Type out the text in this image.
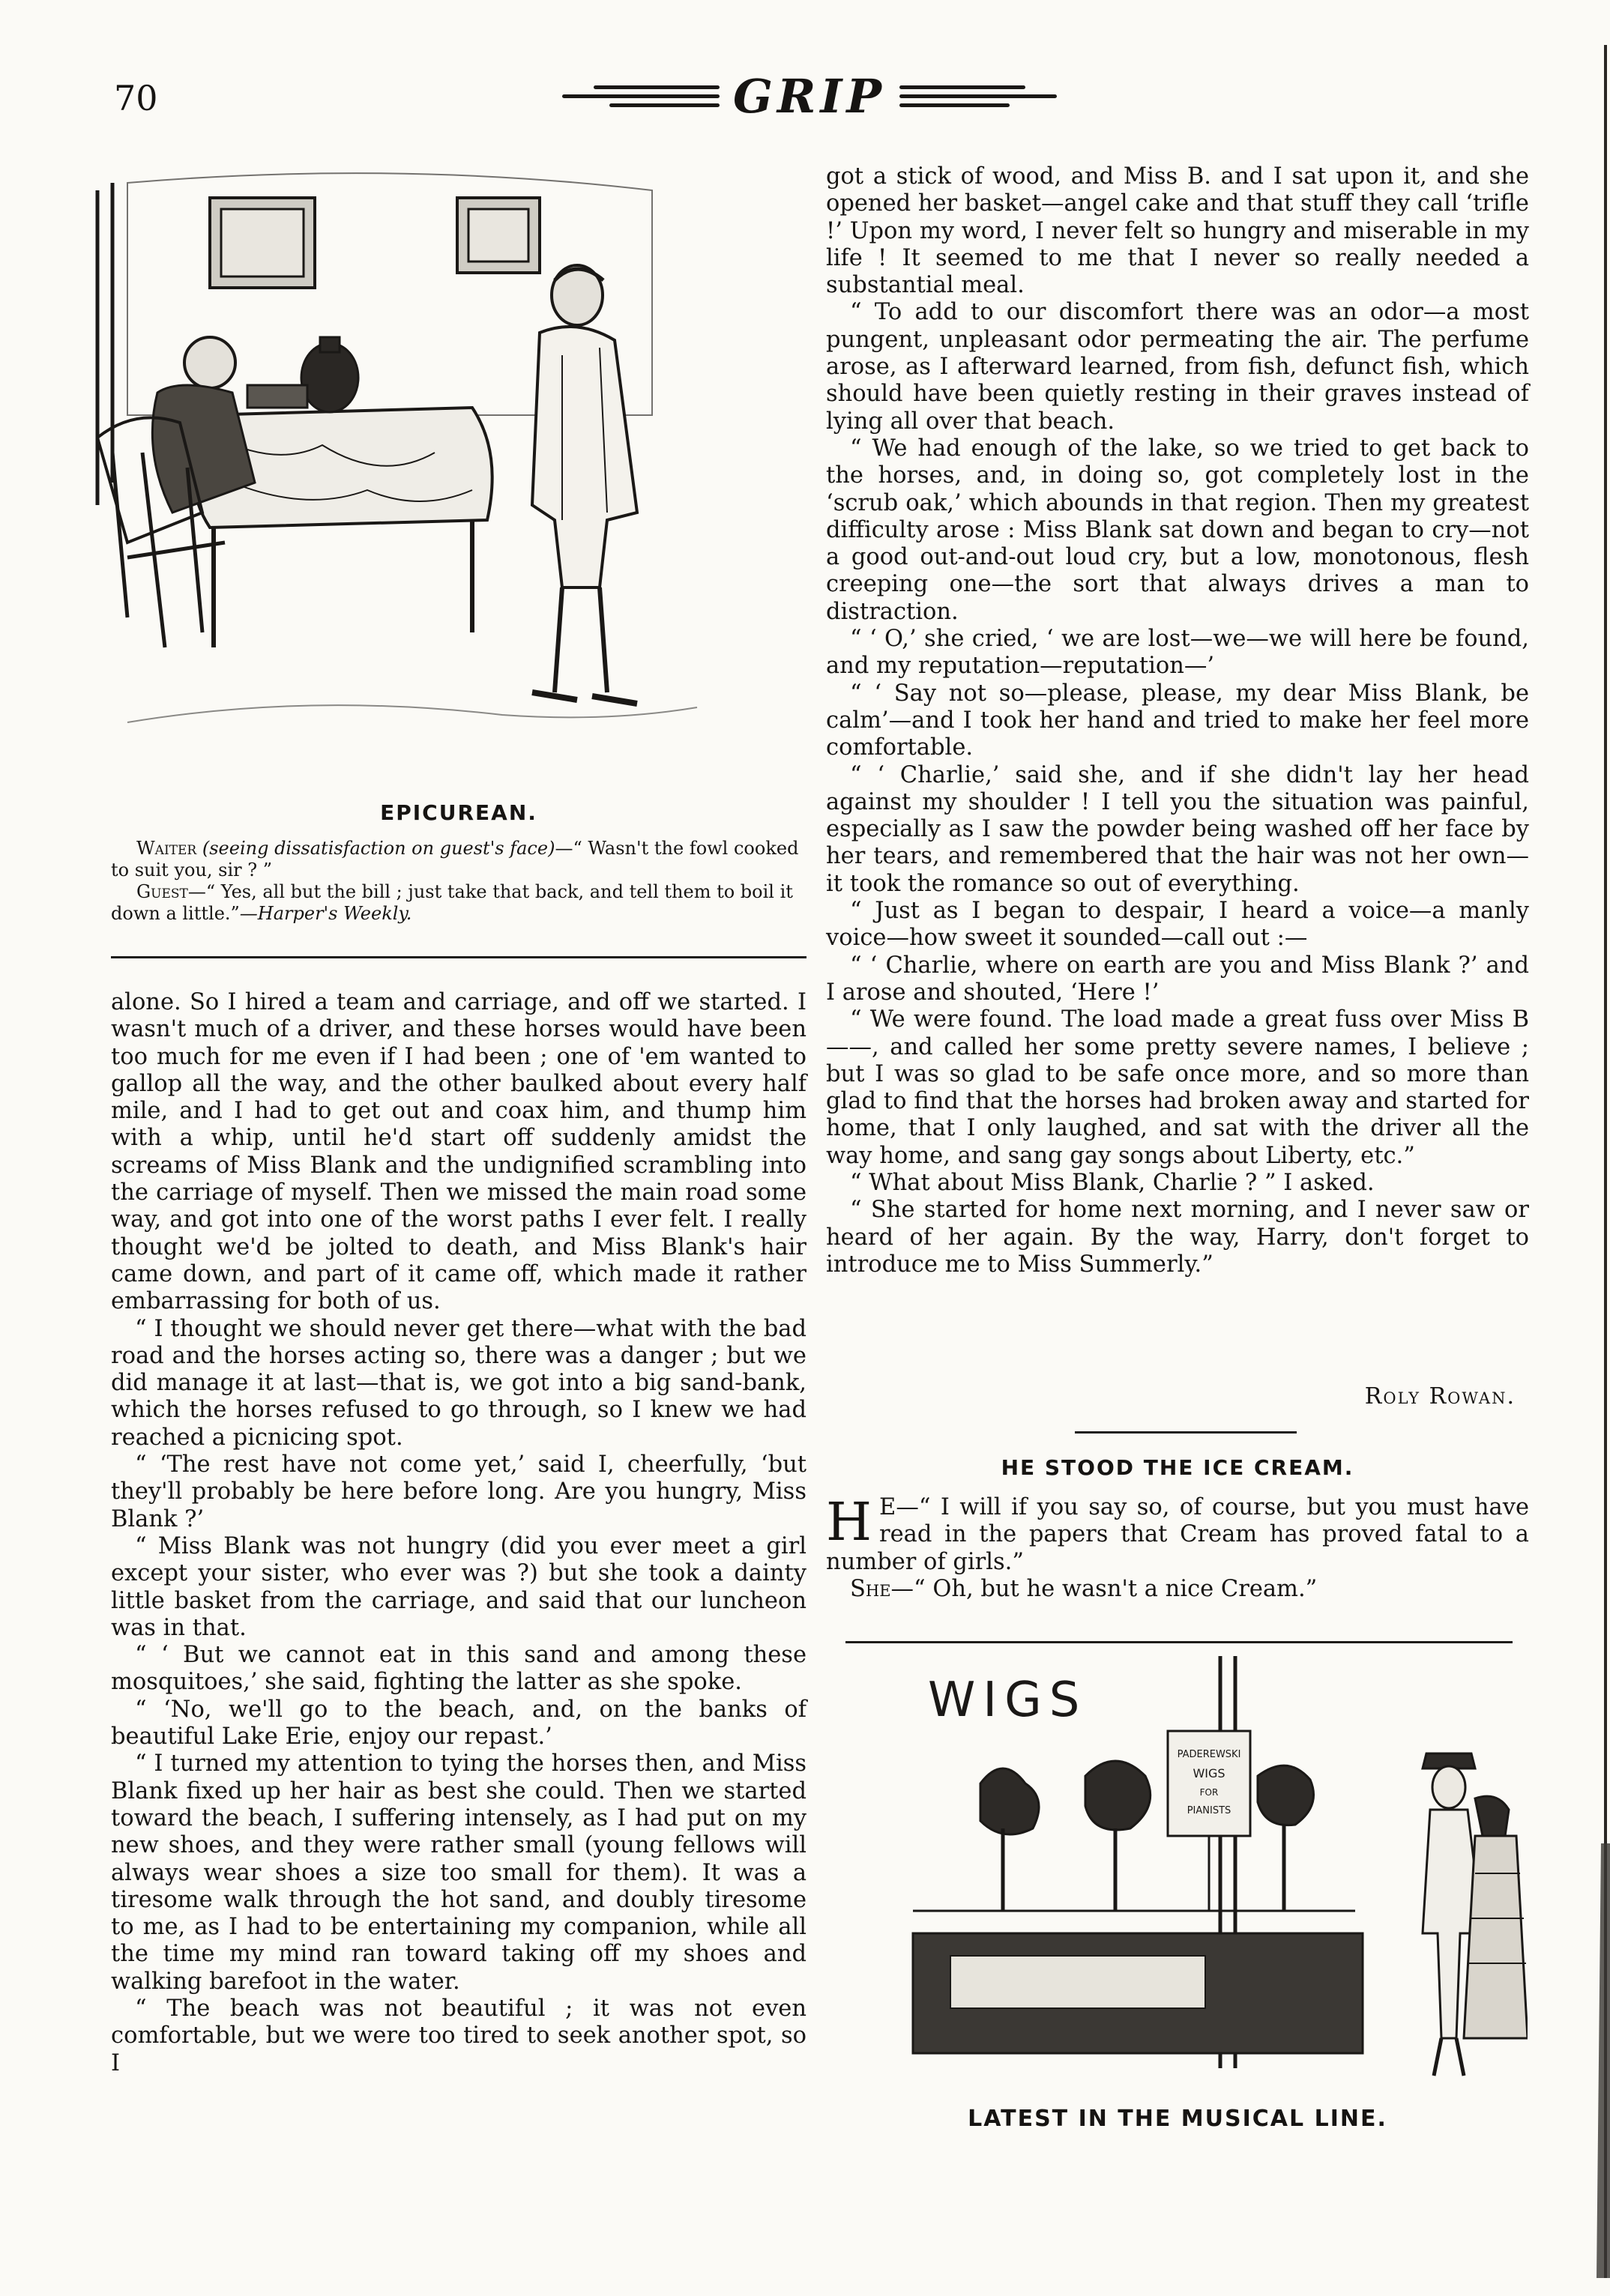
70	GRIP
EPICUREAN.

Waiter (seeing dissatisfaction on guest's face)—“ Wasn't the fowl cooked to suit you, sir ? ”

Guest—“ Yes, all but the bill ; just take that back, and tell them to boil it down a little.”—Harper's Weekly.

alone. So I hired a team and carriage, and off we started. I wasn't much of a driver, and these horses would have been too much for me even if I had been ; one of 'em wanted to gallop all the way, and the other baulked about every half mile, and I had to get out and coax him, and thump him with a whip, until he'd start off suddenly amidst the screams of Miss Blank and the undignified scrambling into the carriage of myself. Then we missed the main road some way, and got into one of the worst paths I ever felt. I really thought we'd be jolted to death, and Miss Blank's hair came down, and part of it came off, which made it rather embarrassing for both of us.

“ I thought we should never get there—what with the bad road and the horses acting so, there was a danger ; but we did manage it at last—that is, we got into a big sand-bank, which the horses refused to go through, so I knew we had reached a picnicing spot.

“ ‘The rest have not come yet,’ said I, cheerfully, ‘but they'll probably be here before long. Are you hungry, Miss Blank ?’

“ Miss Blank was not hungry (did you ever meet a girl except your sister, who ever was ?) but she took a dainty little basket from the carriage, and said that our luncheon was in that.

“ ‘ But we cannot eat in this sand and among these mosquitoes,’ she said, fighting the latter as she spoke.

“ ‘No, we'll go to the beach, and, on the banks of beautiful Lake Erie, enjoy our repast.’

“ I turned my attention to tying the horses then, and Miss Blank fixed up her hair as best she could. Then we started toward the beach, I suffering intensely, as I had put on my new shoes, and they were rather small (young fellows will always wear shoes a size too small for them). It was a tiresome walk through the hot sand, and doubly tiresome to me, as I had to be entertaining my companion, while all the time my mind ran toward taking off my shoes and walking barefoot in the water.

“ The beach was not beautiful ; it was not even comfortable, but we were too tired to seek another spot, so I

got a stick of wood, and Miss B. and I sat upon it, and she opened her basket—angel cake and that stuff they call ‘trifle !’ Upon my word, I never felt so hungry and miserable in my life ! It seemed to me that I never so really needed a substantial meal.

“ To add to our discomfort there was an odor—a most pungent, unpleasant odor permeating the air. The perfume arose, as I afterward learned, from fish, defunct fish, which should have been quietly resting in their graves instead of lying all over that beach.

“ We had enough of the lake, so we tried to get back to the horses, and, in doing so, got completely lost in the ‘scrub oak,’ which abounds in that region. Then my greatest difficulty arose : Miss Blank sat down and began to cry—not a good out-and-out loud cry, but a low, monotonous, flesh creeping one—the sort that always drives a man to distraction.

“ ‘ O,’ she cried, ‘ we are lost—we—we will here be found, and my reputation—reputation—’

“ ‘ Say not so—please, please, my dear Miss Blank, be calm’—and I took her hand and tried to make her feel more comfortable.

“ ‘ Charlie,’ said she, and if she didn't lay her head against my shoulder ! I tell you the situation was painful, especially as I saw the powder being washed off her face by her tears, and remembered that the hair was not her own—it took the romance so out of everything.

“ Just as I began to despair, I heard a voice—a manly voice—how sweet it sounded—call out :—

“ ‘ Charlie, where on earth are you and Miss Blank ?’ and I arose and shouted, ‘Here !’

“ We were found. The load made a great fuss over Miss B——, and called her some pretty severe names, I believe ; but I was so glad to be safe once more, and so more than glad to find that the horses had broken away and started for home, that I only laughed, and sat with the driver all the way home, and sang gay songs about Liberty, etc.”

“ What about Miss Blank, Charlie ? ” I asked.

“ She started for home next morning, and I never saw or heard of her again. By the way, Harry, don't forget to introduce me to Miss Summerly.”

Roly Rowan.
HE STOOD THE ICE CREAM.

H E—“ I will if you say so, of course, but you must have read in the papers that Cream has proved fatal to a number of girls.”

She—“ Oh, but he wasn't a nice Cream.”

WIGS
PADEREWSKI
WIGS
FOR
PIANISTS
LATEST IN THE MUSICAL LINE.
